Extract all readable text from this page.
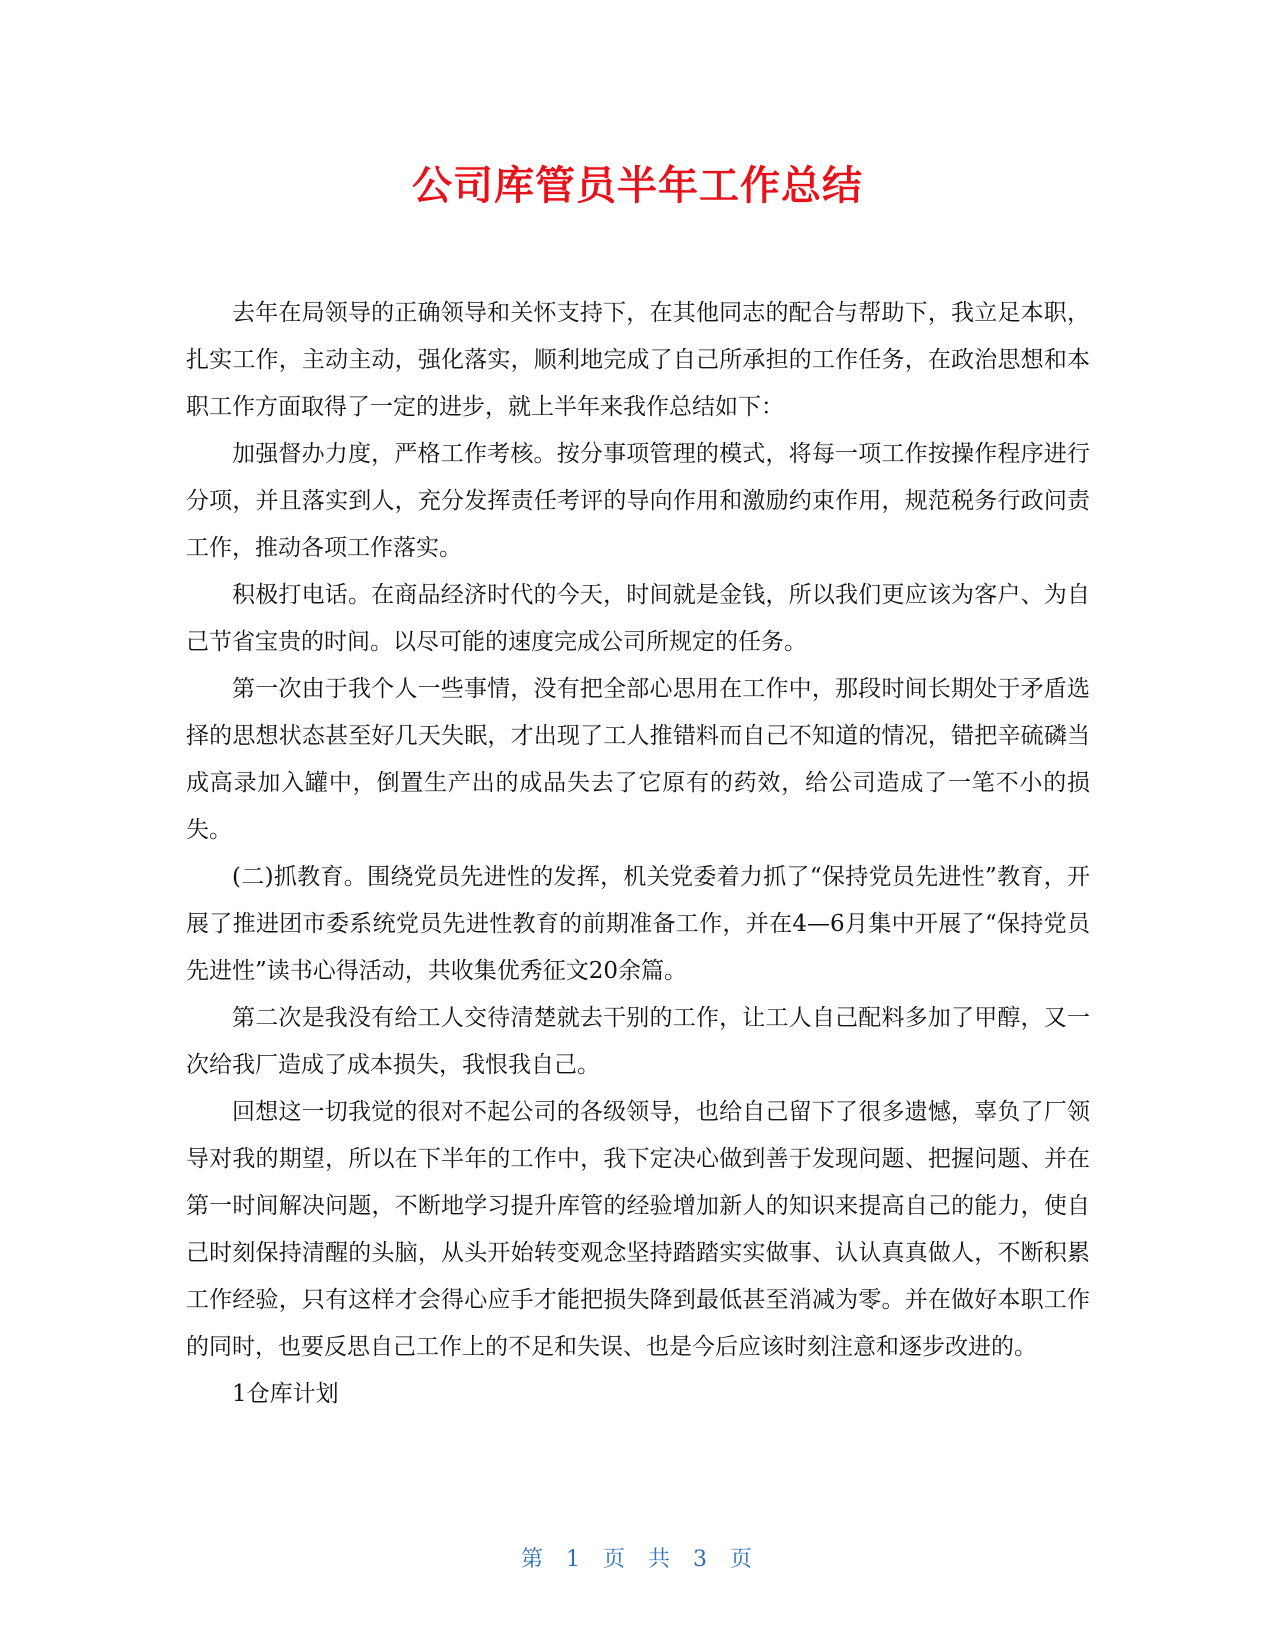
公司库管员半年工作总结

去年在局领导的正确领导和关怀支持下，在其他同志的配合与帮助下，我立足本职，扎实工作，主动主动，强化落实，顺利地完成了自己所承担的工作任务，在政治思想和本职工作方面取得了一定的进步，就上半年来我作总结如下：

加强督办力度，严格工作考核。按分事项管理的模式，将每一项工作按操作程序进行分项，并且落实到人，充分发挥责任考评的导向作用和激励约束作用，规范税务行政问责工作，推动各项工作落实。

积极打电话。在商品经济时代的今天，时间就是金钱，所以我们更应该为客户、为自己节省宝贵的时间。以尽可能的速度完成公司所规定的任务。

第一次由于我个人一些事情，没有把全部心思用在工作中，那段时间长期处于矛盾选择的思想状态甚至好几天失眠，才出现了工人推错料而自己不知道的情况，错把辛硫磷当成高录加入罐中，倒置生产出的成品失去了它原有的药效，给公司造成了一笔不小的损失。

(二)抓教育。围绕党员先进性的发挥，机关党委着力抓了“保持党员先进性”教育，开展了推进团市委系统党员先进性教育的前期准备工作，并在4—6月集中开展了“保持党员先进性”读书心得活动，共收集优秀征文20余篇。

第二次是我没有给工人交待清楚就去干别的工作，让工人自己配料多加了甲醇，又一次给我厂造成了成本损失，我恨我自己。

回想这一切我觉的很对不起公司的各级领导，也给自己留下了很多遗憾，辜负了厂领导对我的期望，所以在下半年的工作中，我下定决心做到善于发现问题、把握问题、并在第一时间解决问题，不断地学习提升库管的经验增加新人的知识来提高自己的能力，使自己时刻保持清醒的头脑，从头开始转变观念坚持踏踏实实做事、认认真真做人，不断积累工作经验，只有这样才会得心应手才能把损失降到最低甚至消减为零。并在做好本职工作的同时，也要反思自己工作上的不足和失误、也是今后应该时刻注意和逐步改进的。

1仓库计划

第 1 页 共 3 页
